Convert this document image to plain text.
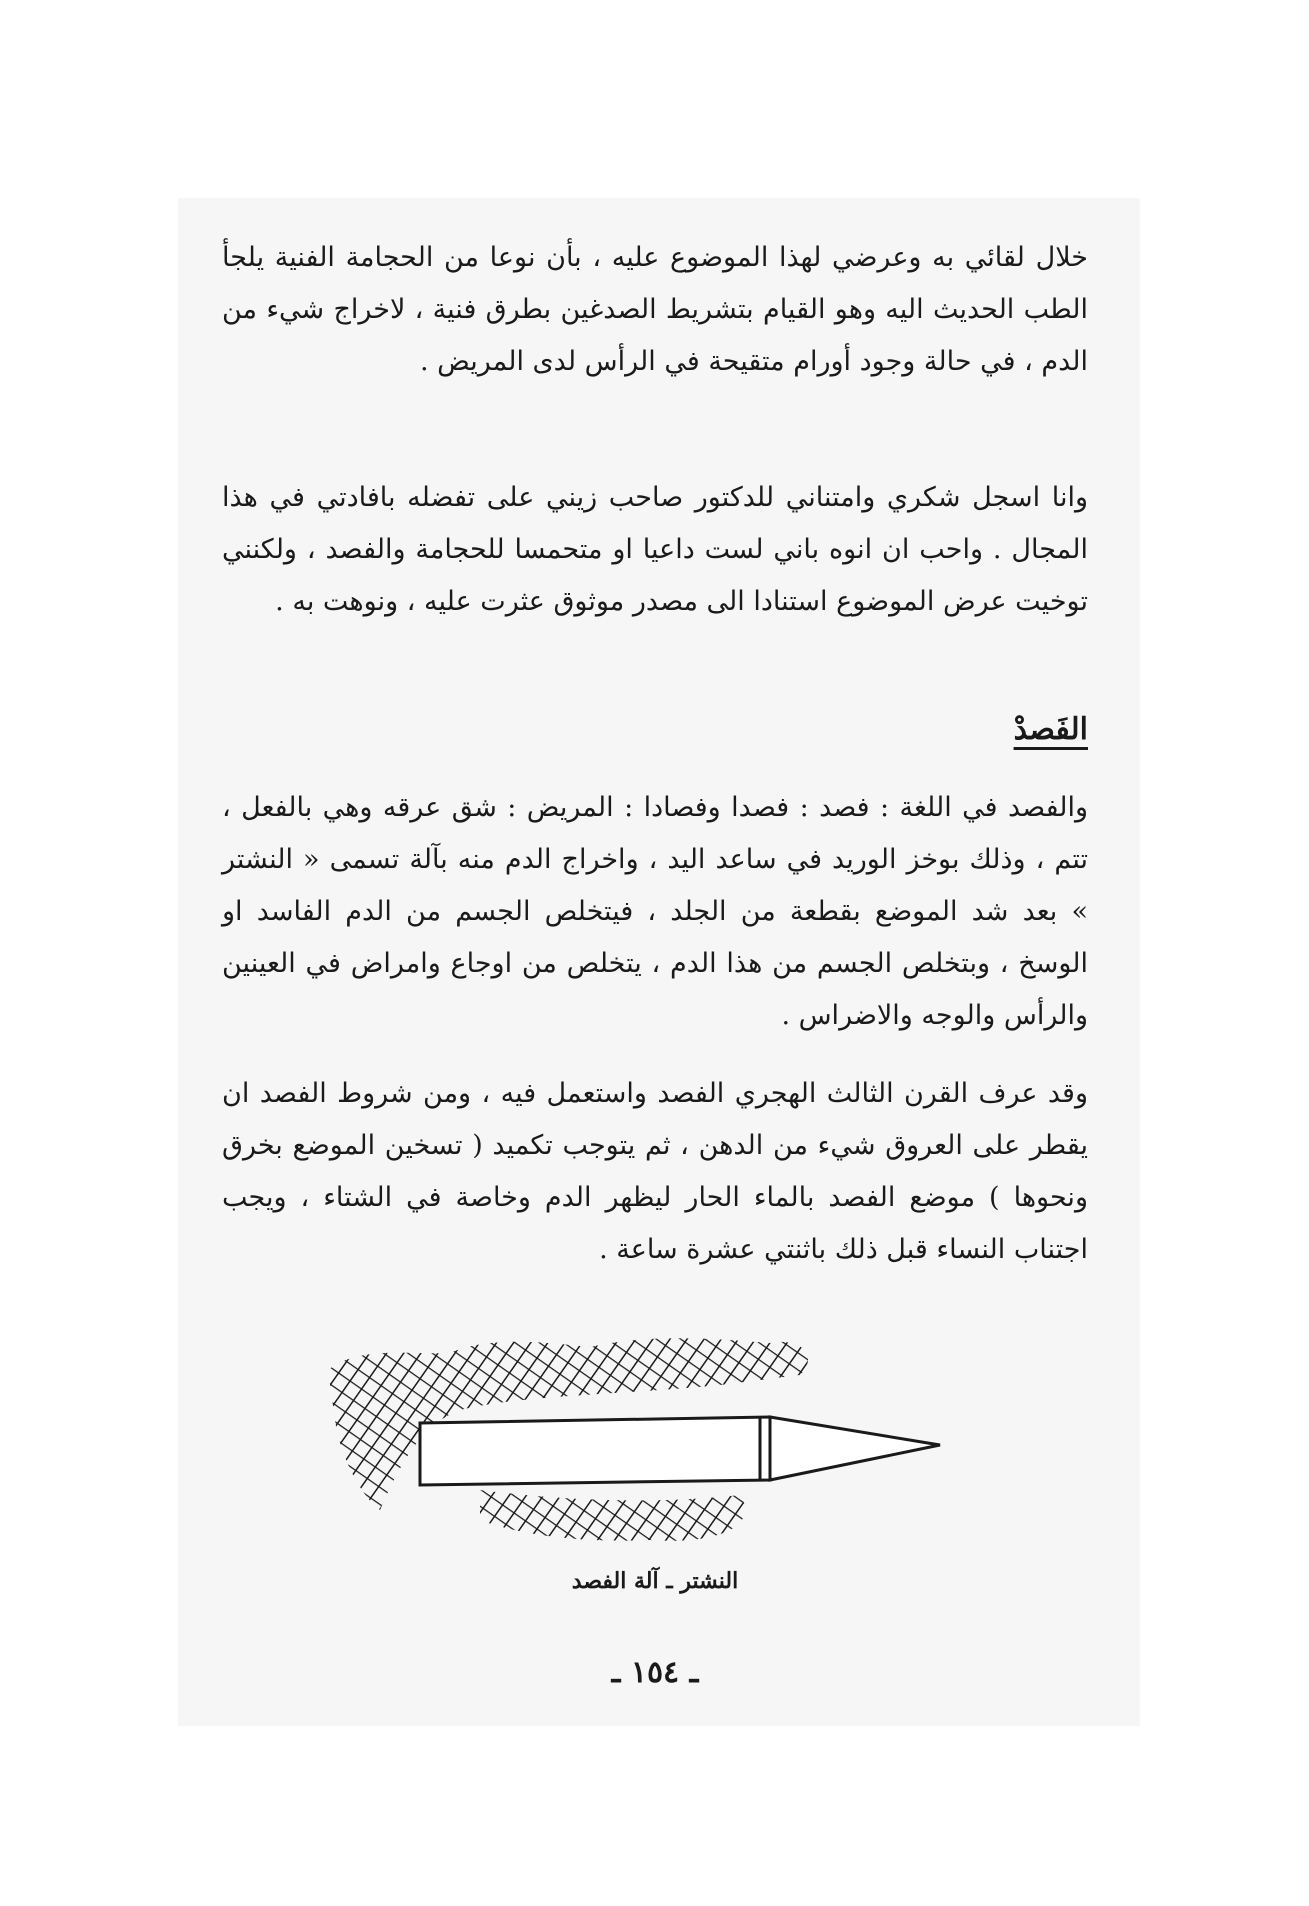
خلال لقائي به وعرضي لهذا الموضوع عليه ، بأن نوعا من الحجامة الفنية يلجأ الطب الحديث اليه وهو القيام بتشريط الصدغين بطرق فنية ، لاخراج شيء من الدم ، في حالة وجود أورام متقيحة في الرأس لدى المريض .

وانا اسجل شكري وامتناني للدكتور صاحب زيني على تفضله بافادتي في هذا المجال . واحب ان انوه باني لست داعيا او متحمسا للحجامة والفصد ، ولكنني توخيت عرض الموضوع استنادا الى مصدر موثوق عثرت عليه ، ونوهت به .

الفَصدْ

والفصد في اللغة : فصد : فصدا وفصادا : المريض : شق عرقه وهي بالفعل ، تتم ، وذلك بوخز الوريد في ساعد اليد ، واخراج الدم منه بآلة تسمى « النشتر » بعد شد الموضع بقطعة من الجلد ، فيتخلص الجسم من الدم الفاسد او الوسخ ، وبتخلص الجسم من هذا الدم ، يتخلص من اوجاع وامراض في العينين والرأس والوجه والاضراس .

وقد عرف القرن الثالث الهجري الفصد واستعمل فيه ، ومن شروط الفصد ان يقطر على العروق شيء من الدهن ، ثم يتوجب تكميد ( تسخين الموضع بخرق ونحوها ) موضع الفصد بالماء الحار ليظهر الدم وخاصة في الشتاء ، ويجب اجتناب النساء قبل ذلك باثنتي عشرة ساعة .

النشتر ـ آلة الفصد
ـ ١٥٤ ـ
